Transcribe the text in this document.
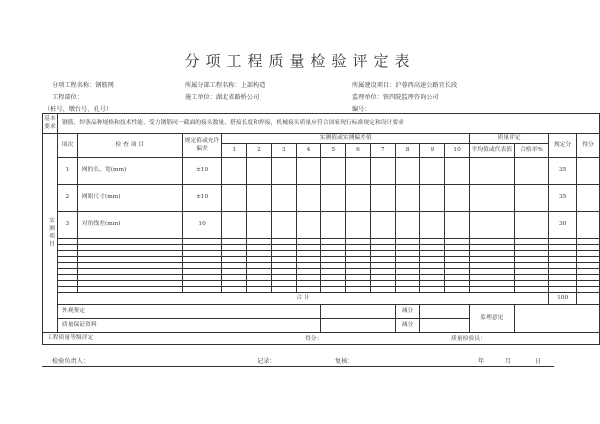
分项工程质量检验评定表
分项工程名称：钢筋网	所属分部工程名称：上部构造	所属建设项目：沪蓉西高速公路宜长段
工程部位：	施工单位：湖北省路桥公司	监理单位：铁四院监理咨询公司
（桩号、墩台号、孔号）	编号：
基本要求	钢筋、焊条品种规格和技术性能、受力钢筋同一截面的接头数量、搭接长度和焊接，机械接头质量应符合国家现行标准规定和设计要求																
实测项目	项次	检 查 项 目	规定值或允许偏差	实测值或实测偏差值										质量评定		规定分	得分
				1	2	3	4	5	6	7	8	9	10	平均值或代表值	合格率%		
	1	网的长、宽(mm)	±10													35	
	2	网眼尺寸(mm)	±10													35	
	3	对角线差(mm)	10													30	

	合 计															100	
	外观鉴定										减分			监理意见			
	质量保证资料										减分						
工程质量等级评定 得分： 质量检验员：																	
检验负责人：	记录：	复核：	年	月	日
